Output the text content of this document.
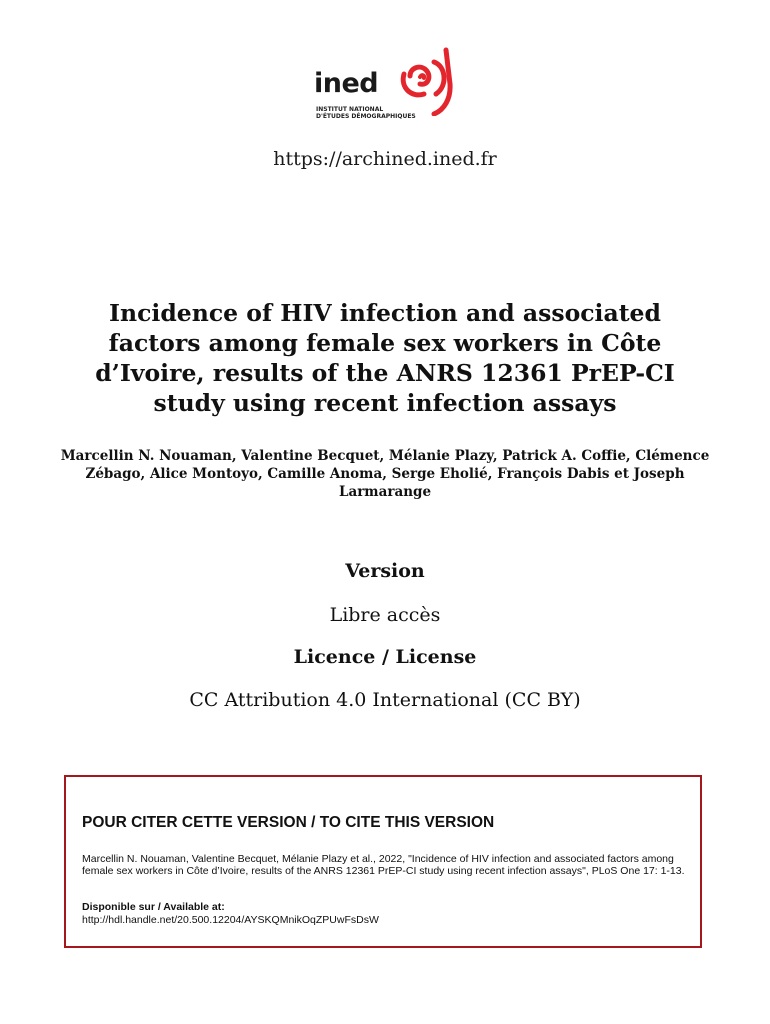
ined
INSTITUT NATIONAL
D'ÉTUDES DÉMOGRAPHIQUES
https://archined.ined.fr
Incidence of HIV infection and associated factors among female sex workers in Côte d’Ivoire, results of the ANRS 12361 PrEP-CI study using recent infection assays
Marcellin N. Nouaman, Valentine Becquet, Mélanie Plazy, Patrick A. Coffie, Clémence Zébago, Alice Montoyo, Camille Anoma, Serge Eholié, François Dabis et Joseph Larmarange
Version
Libre accès
Licence / License
CC Attribution 4.0 International (CC BY)
POUR CITER CETTE VERSION / TO CITE THIS VERSION
Marcellin N. Nouaman, Valentine Becquet, Mélanie Plazy et al., 2022, "Incidence of HIV infection and associated factors among female sex workers in Côte d’Ivoire, results of the ANRS 12361 PrEP-CI study using recent infection assays", PLoS One 17: 1-13.
Disponible sur / Available at:
http://hdl.handle.net/20.500.12204/AYSKQMnikOqZPUwFsDsW
